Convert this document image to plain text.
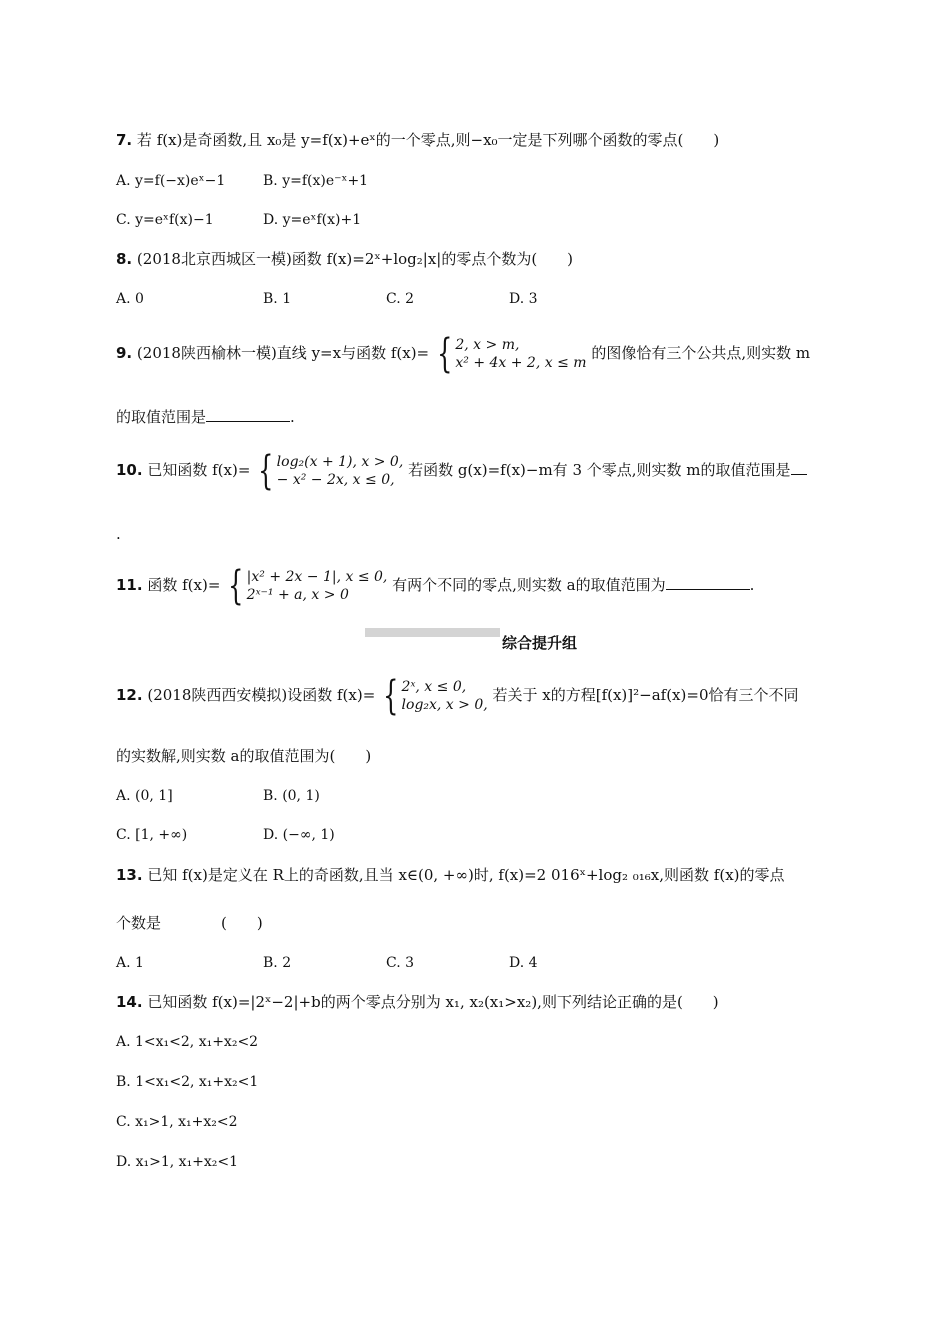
7. 若 f(x)是奇函数,且 x₀是 y=f(x)+eˣ的一个零点,则−x₀一定是下列哪个函数的零点(　　)
A. y=f(−x)eˣ−1	B. y=f(x)e⁻ˣ+1
C. y=eˣf(x)−1	D. y=eˣf(x)+1
8. (2018北京西城区一模)函数 f(x)=2ˣ+log₂|x|的零点个数为(　　)
A. 0	B. 1	C. 2	D. 3
9. (2018陕西榆林一模)直线 y=x与函数 f(x)= { 2, x > m,
x² + 4x + 2, x ≤ m
的图像恰有三个公共点,则实数 m
的取值范围是	.
10. 已知函数 f(x)= { log₂(x + 1), x > 0,
− x² − 2x, x ≤ 0,
若函数 g(x)=f(x)−m有 3 个零点,则实数 m的取值范围是
.
11. 函数 f(x)= { |x² + 2x − 1|, x ≤ 0,
2ˣ⁻¹ + a, x > 0
有两个不同的零点,则实数 a的取值范围为	.
综合提升组
12. (2018陕西西安模拟)设函数 f(x)= { 2ˣ, x ≤ 0,
log₂x, x > 0,
若关于 x的方程[f(x)]²−af(x)=0恰有三个不同
的实数解,则实数 a的取值范围为(　　)
A. (0, 1]	B. (0, 1)
C. [1, +∞)	D. (−∞, 1)
13. 已知 f(x)是定义在 R上的奇函数,且当 x∈(0, +∞)时, f(x)=2 016ˣ+log₂ ₀₁₆x,则函数 f(x)的零点
个数是　　　　(　　)
A. 1	B. 2	C. 3	D. 4
14. 已知函数 f(x)=|2ˣ−2|+b的两个零点分别为 x₁, x₂(x₁>x₂),则下列结论正确的是(　　)
A. 1<x₁<2, x₁+x₂<2
B. 1<x₁<2, x₁+x₂<1
C. x₁>1, x₁+x₂<2
D. x₁>1, x₁+x₂<1
